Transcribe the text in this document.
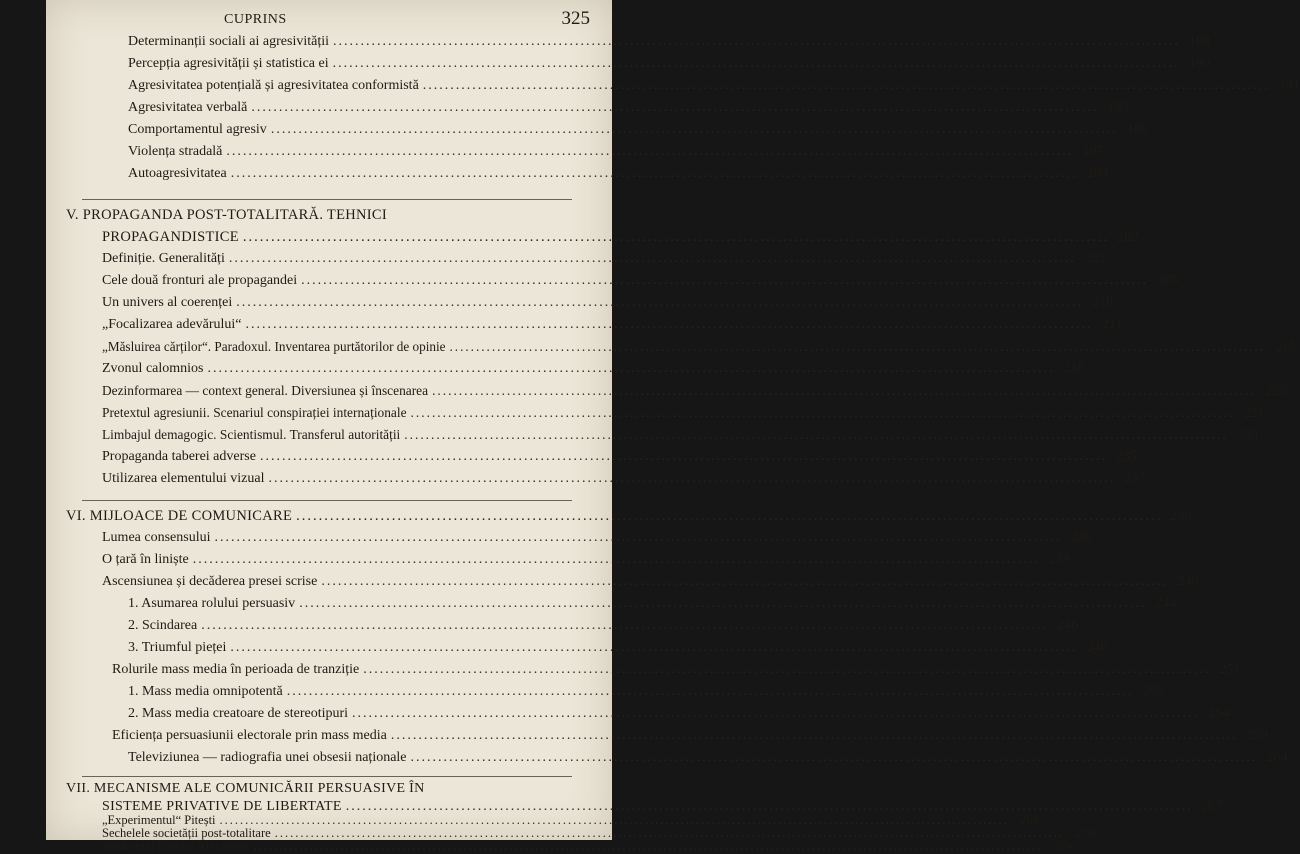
CUPRINS	325
Determinanții sociali ai agresivității .....	188
Percepția agresivității și statistica ei .....	190
Agresivitatea potențială și agresivitatea conformistă .....	191
Agresivitatea verbală .....	193
Comportamentul agresiv .....	195
Violența stradală .....	197
Autoagresivitatea .....	200
V. PROPAGANDA POST-TOTALITARĂ. TEHNICI
PROPAGANDISTICE .....	202
Definiție. Generalități .....	202
Cele două fronturi ale propagandei .....	205
Un univers al coerenței .....	210
„Focalizarea adevărului“ .....	211
„Măsluirea cărților“. Paradoxul. Inventarea purtătorilor de opinie .....	215
Zvonul calomnios .....	218
Dezinformarea — context general. Diversiunea și înscenarea .....	220
Pretextul agresiunii. Scenariul conspirației internaționale .....	221
Limbajul demagogic. Scientismul. Transferul autorității .....	230
Propaganda taberei adverse .....	235
Utilizarea elementului vizual .....	237
VI. MIJLOACE DE COMUNICARE .....	238
Lumea consensului .....	238
O țară în liniște .....	239
Ascensiunea și decăderea presei scrise .....	240
1. Asumarea rolului persuasiv .....	244
2. Scindarea .....	246
3. Triumful pieței .....	248
Rolurile mass media în perioada de tranziție .....	251
1. Mass media omnipotentă .....	253
2. Mass media creatoare de stereotipuri .....	254
Eficiența persuasiunii electorale prin mass media .....	259
Televiziunea — radiografia unei obsesii naționale .....	264
VII. MECANISME ALE COMUNICĂRII PERSUASIVE ÎN
SISTEME PRIVATIVE DE LIBERTATE .....	267
„Experimentul“ Pitești .....	269
Sechelele societății post-totalitare .....	270
Sindromul fratelui Alexandru .....	276
